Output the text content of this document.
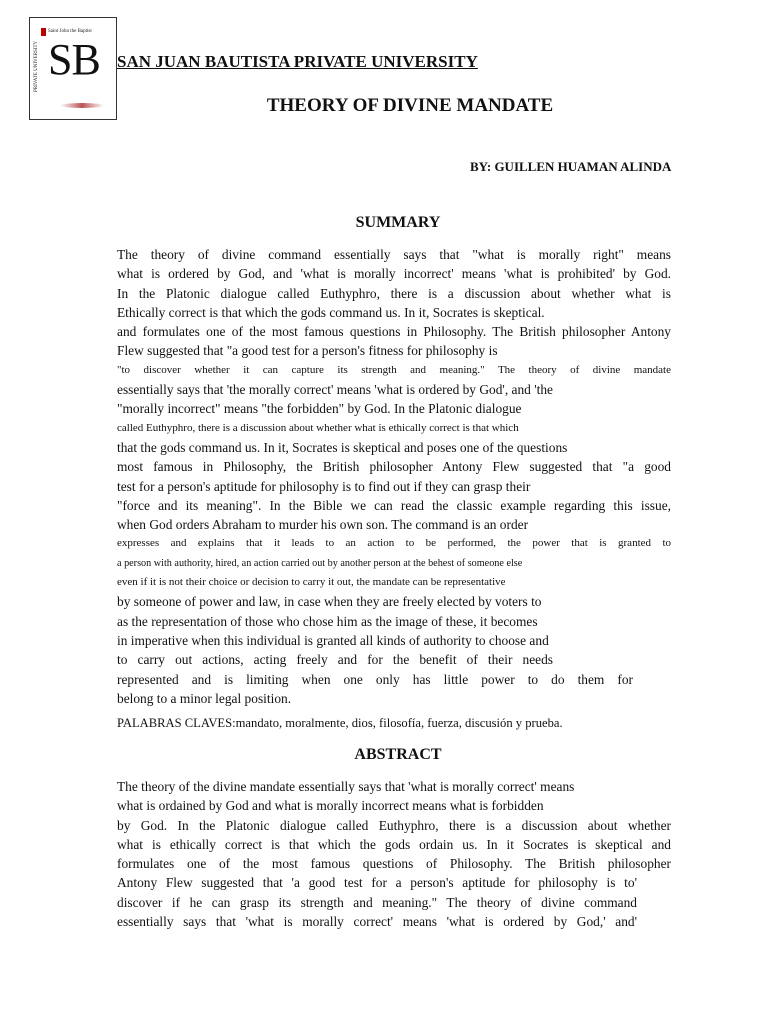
Saint John the Baptist
SB
PRIVATE UNIVERSITY	SAN JUAN BAUTISTA PRIVATE UNIVERSITY
THEORY OF DIVINE MANDATE

BY: GUILLEN HUAMAN ALINDA

SUMMARY
The theory of divine command essentially says that "what is morally right" means
what is ordered by God, and 'what is morally incorrect' means 'what is prohibited' by God.
In the Platonic dialogue called Euthyphro, there is a discussion about whether what is
Ethically correct is that which the gods command us. In it, Socrates is skeptical.
and formulates one of the most famous questions in Philosophy. The British philosopher Antony
Flew suggested that "a good test for a person's fitness for philosophy is
"to discover whether it can capture its strength and meaning." The theory of divine mandate
essentially says that 'the morally correct' means 'what is ordered by God', and 'the
"morally incorrect" means "the forbidden" by God. In the Platonic dialogue
called Euthyphro, there is a discussion about whether what is ethically correct is that which
that the gods command us. In it, Socrates is skeptical and poses one of the questions
most famous in Philosophy, the British philosopher Antony Flew suggested that "a good
test for a person's aptitude for philosophy is to find out if they can grasp their
"force and its meaning". In the Bible we can read the classic example regarding this issue,
when God orders Abraham to murder his own son. The command is an order
expresses and explains that it leads to an action to be performed, the power that is granted to
a person with authority, hired, an action carried out by another person at the behest of someone else
even if it is not their choice or decision to carry it out, the mandate can be representative
by someone of power and law, in case when they are freely elected by voters to
as the representation of those who chose him as the image of these, it becomes
in imperative when this individual is granted all kinds of authority to choose and
to carry out actions, acting freely and for the benefit of their needs
represented and is limiting when one only has little power to do them for
belong to a minor legal position.

PALABRAS CLAVES:mandato, moralmente, dios, filosofía, fuerza, discusión y prueba.

ABSTRACT
The theory of the divine mandate essentially says that 'what is morally correct' means
what is ordained by God and what is morally incorrect means what is forbidden
by God. In the Platonic dialogue called Euthyphro, there is a discussion about whether
what is ethically correct is that which the gods ordain us. In it Socrates is skeptical and
formulates one of the most famous questions of Philosophy. The British philosopher
Antony Flew suggested that 'a good test for a person's aptitude for philosophy is to'
discover if he can grasp its strength and meaning." The theory of divine command
essentially says that 'what is morally correct' means 'what is ordered by God,' and'
